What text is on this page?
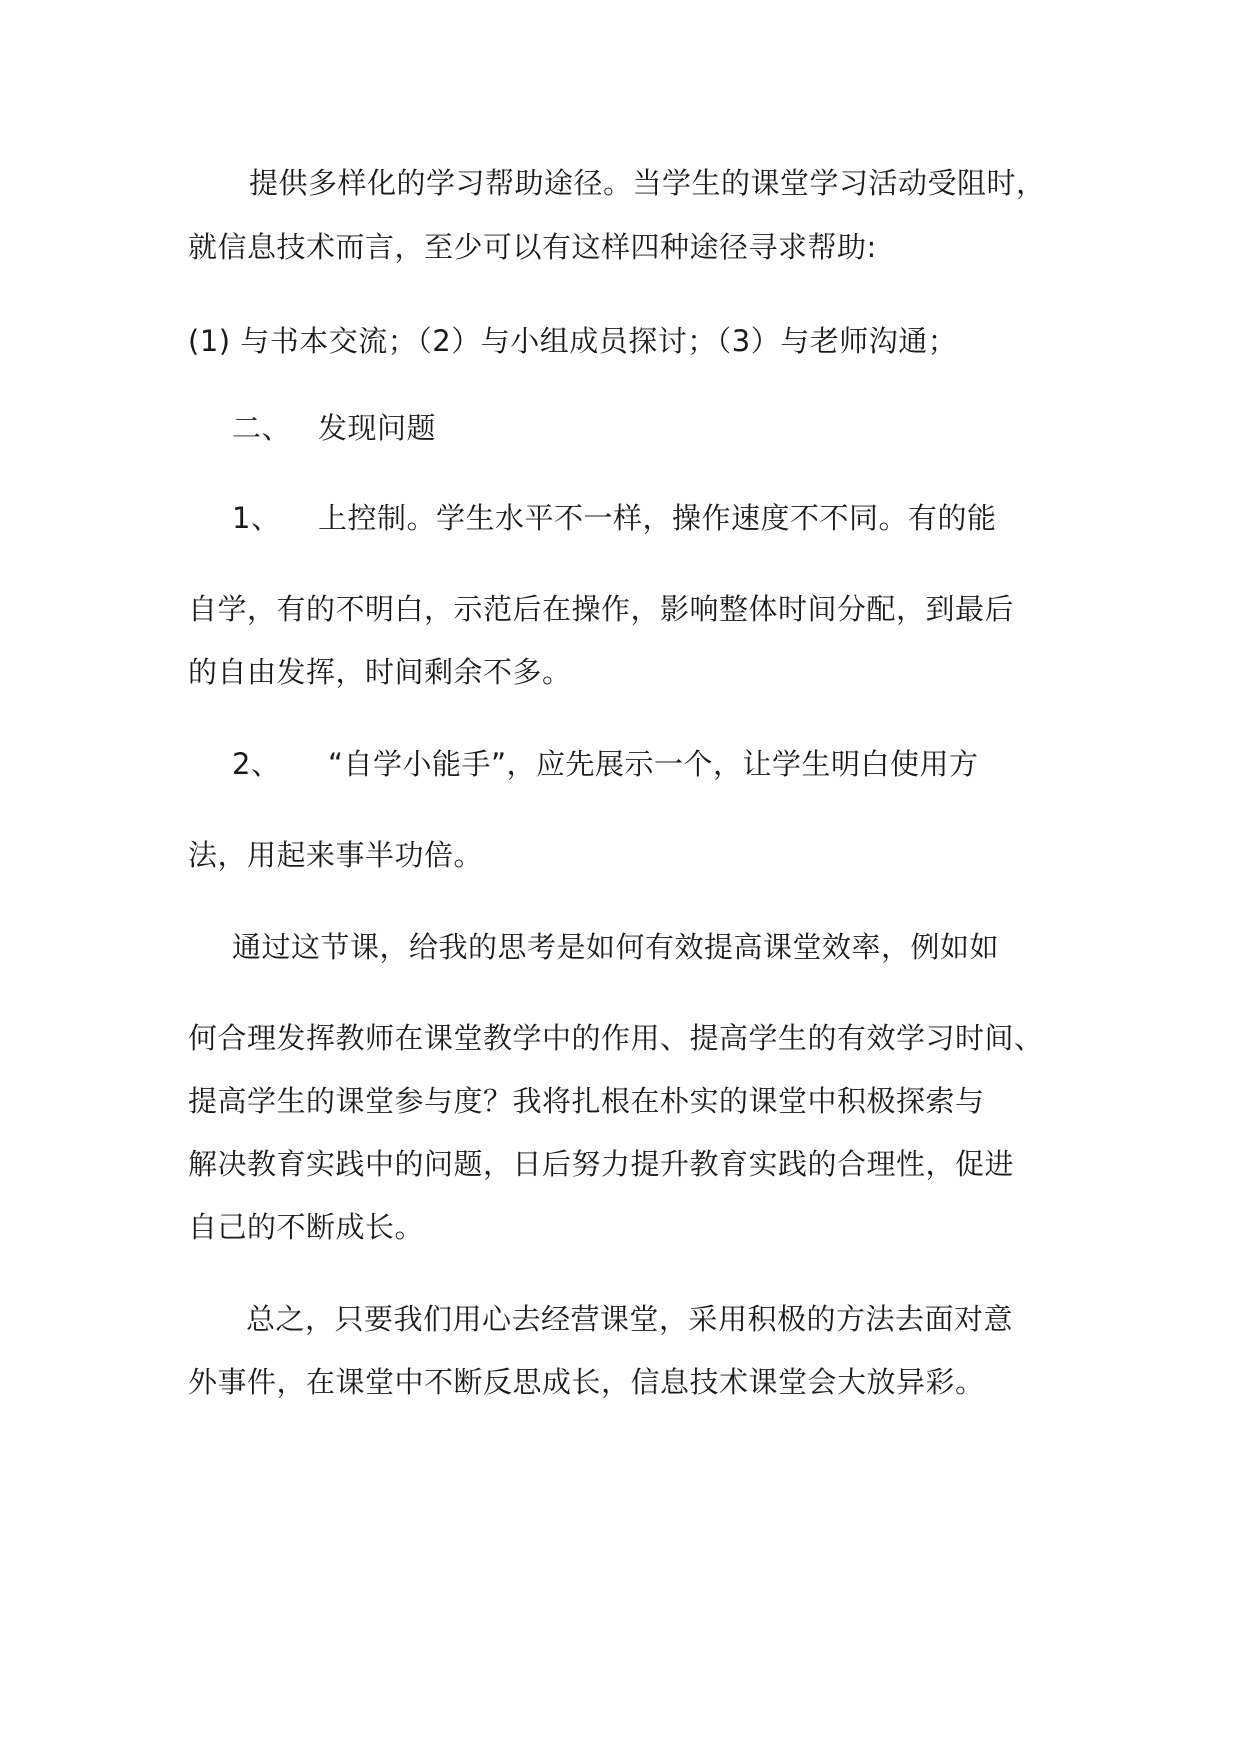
提供多样化的学习帮助途径。当学生的课堂学习活动受阻时，
就信息技术而言，至少可以有这样四种途径寻求帮助:
(1) 与书本交流；（2）与小组成员探讨；（3）与老师沟通；
二、 发现问题
1、 上控制。学生水平不一样，操作速度不不同。有的能
自学，有的不明白，示范后在操作，影响整体时间分配，到最后
的自由发挥，时间剩余不多。
2、 “自学小能手”，应先展示一个，让学生明白使用方
法，用起来事半功倍。
通过这节课，给我的思考是如何有效提高课堂效率，例如如
何合理发挥教师在课堂教学中的作用、提高学生的有效学习时间、
提高学生的课堂参与度？我将扎根在朴实的课堂中积极探索与
解决教育实践中的问题，日后努力提升教育实践的合理性，促进
自己的不断成长。
总之，只要我们用心去经营课堂，采用积极的方法去面对意
外事件，在课堂中不断反思成长，信息技术课堂会大放异彩。
